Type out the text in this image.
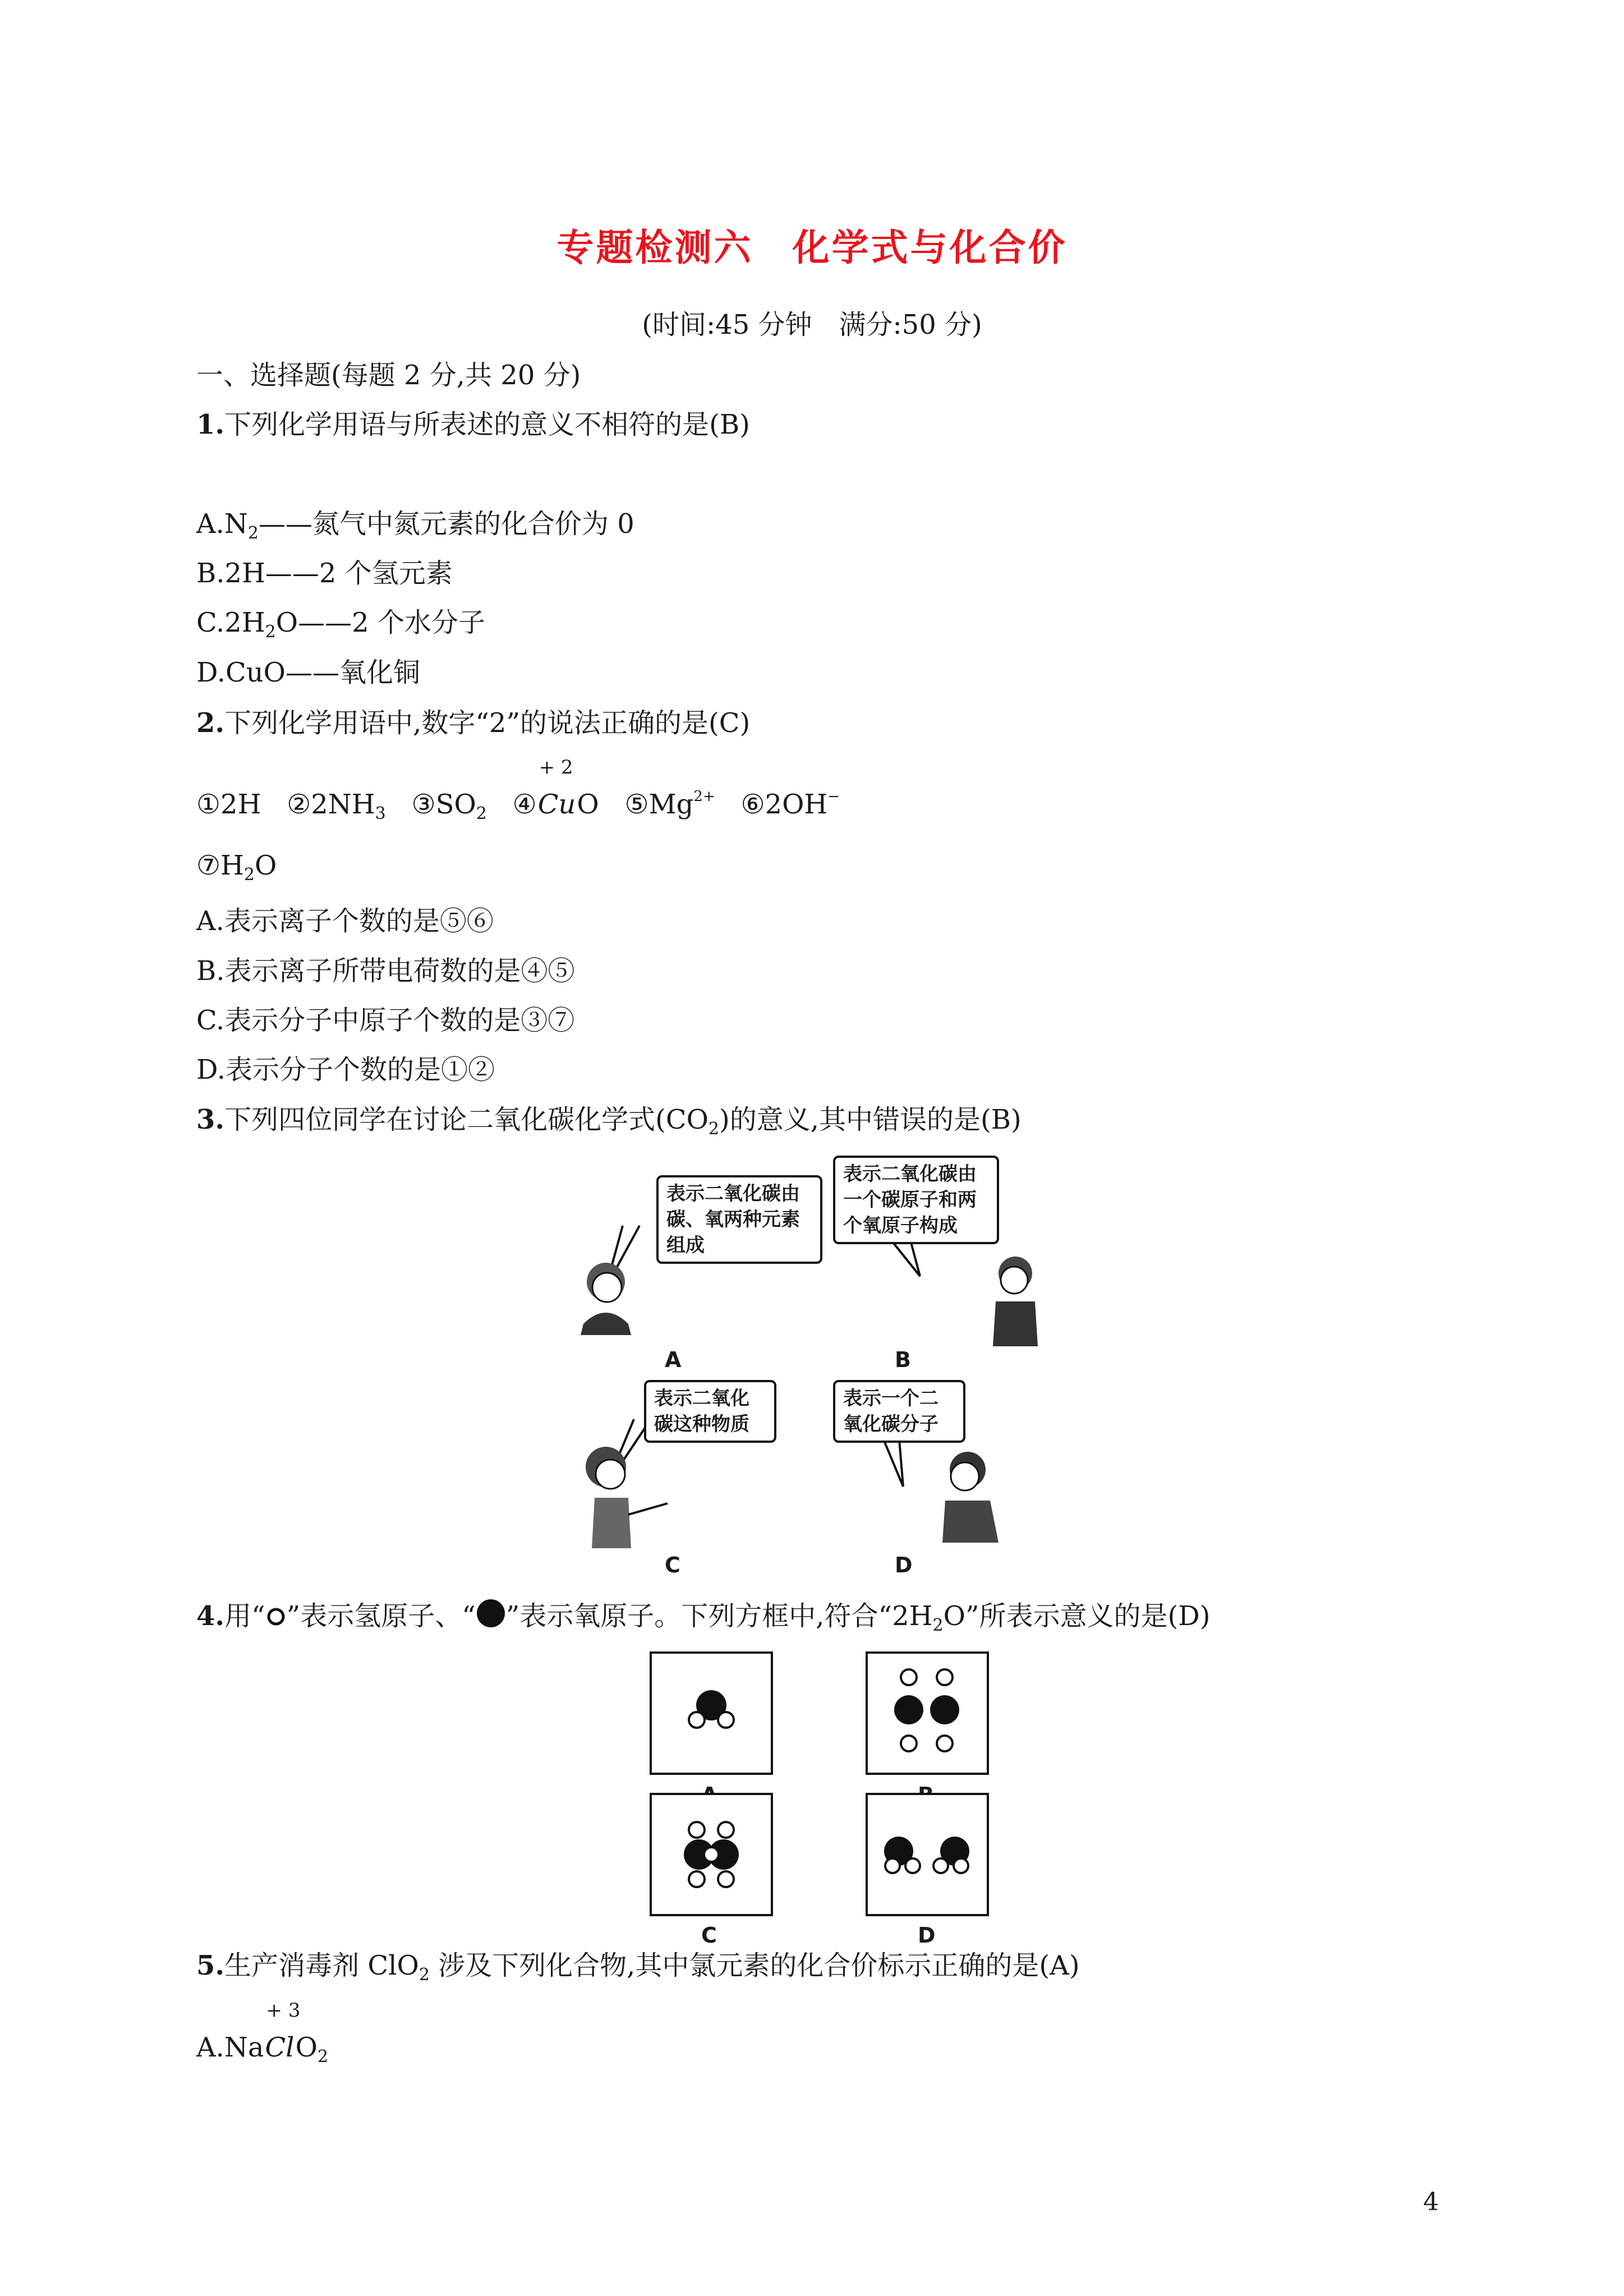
专题检测六　化学式与化合价
(时间:45 分钟　满分:50 分)
一、选择题(每题 2 分,共 20 分)
1.下列化学用语与所表述的意义不相符的是(B)
$A.N_2——$氮气中氮元素的化合价为 0
B.2H——2 个氢元素
$C.2H_2O——2$ 个水分子
D.CuO——氧化铜
2.下列化学用语中,数字“2”的说法正确的是(C)
①2H $②2NH_3$ $③SO_2$ ④
+ 2
CuO $⑤Mg^{2+}$ ⑥2OH−
$⑦H_2O$
A.表示离子个数的是⑤⑥
B.表示离子所带电荷数的是④⑤
C.表示分子中原子个数的是③⑦
D.表示分子个数的是①②
3.下列四位同学在讨论二氧化碳化学式$(CO_2)$的意义,其中错误的是(B)
表示二氧化碳由碳、氧两种元素组成
表示二氧化碳由一个碳原子和两个氧原子构成
表示二氧化碳这种物质
表示一个二氧化碳分子
A	B
C	D
4.用“ ”表示氢原子、“ ”表示氧原子。下列方框中,符合“$2H_2O$”所表示意义的是(D)
C	D
5.生产消毒剂 ClO$_2$ 涉及下列化合物,其中氯元素的化合价标示正确的是(A)
A.Na
+ 3
ClO$_2$
4
